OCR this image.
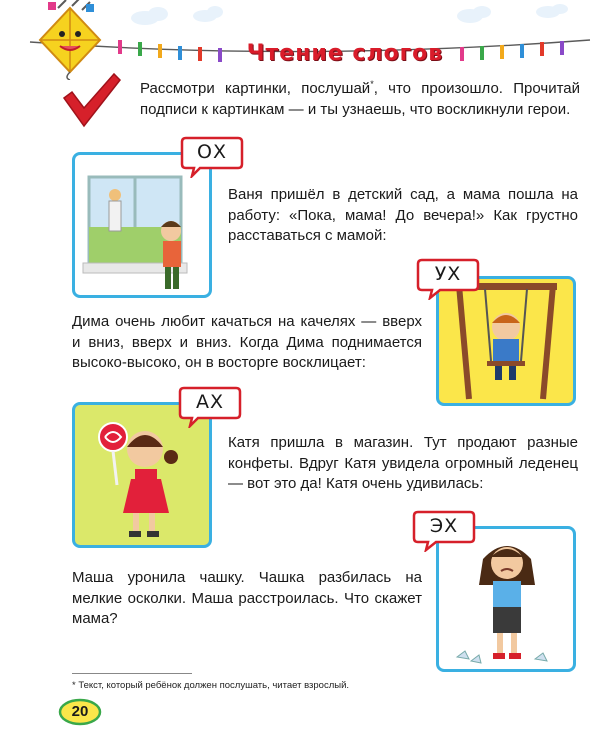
Чтение слогов
Рассмотри картинки, послушай*, что произошло. Прочитай подписи к картинкам — и ты узнаешь, что воскликнули герои.
ОХ
Ваня пришёл в детский сад, а мама пошла на работу: «Пока, мама! До вечера!» Как грустно расставаться с мамой:
УХ
Дима очень любит качаться на качелях — вверх и вниз, вверх и вниз. Когда Дима поднимается высоко-высоко, он в восторге восклицает:
АХ
Катя пришла в магазин. Тут продают разные конфеты. Вдруг Катя увидела огромный леденец — вот это да! Катя очень удивилась:
ЭХ
Маша уронила чашку. Чашка разбилась на мелкие осколки. Маша расстроилась. Что скажет мама?
* Текст, который ребёнок должен послушать, читает взрослый.
20
